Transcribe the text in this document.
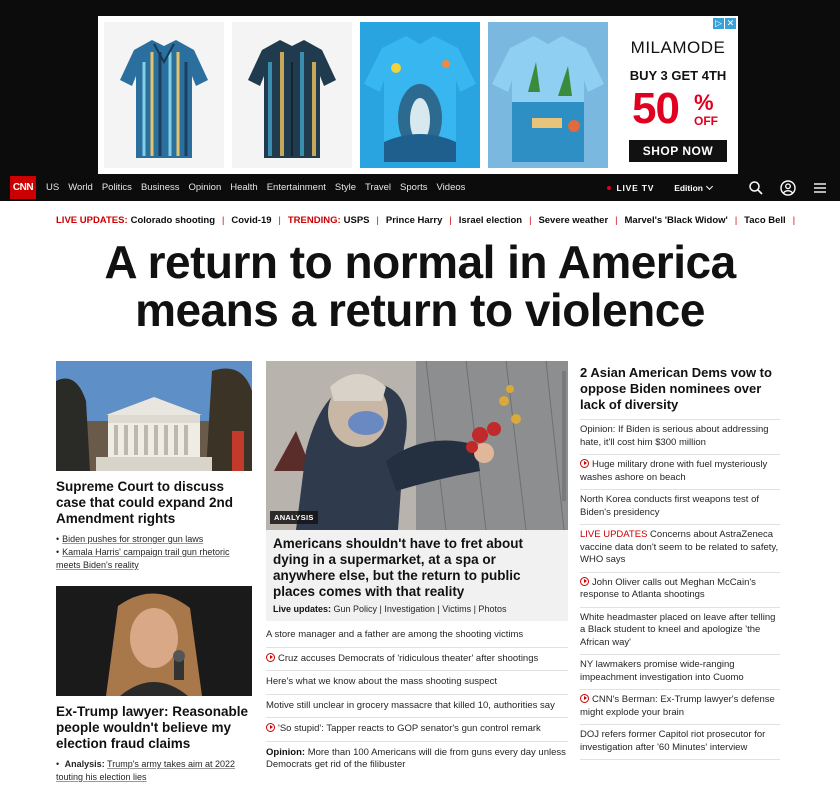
MILAMODE
BUY 3 GET 4TH
50 %
OFF
SHOP NOW
▷ ✕
CNN	US World Politics Business Opinion Health Entertainment Style Travel Sports Videos	LIVE TV Edition
LIVE UPDATES: Colorado shooting | Covid-19 | TRENDING: USPS | Prince Harry | Israel election | Severe weather | Marvel's 'Black Widow' | Taco Bell |
A return to normal in America
means a return to violence
Supreme Court to discuss case that could expand 2nd Amendment rights
• Biden pushes for stronger gun laws
• Kamala Harris' campaign trail gun rhetoric meets Biden's reality
Ex-Trump lawyer: Reasonable people wouldn't believe my election fraud claims
• Analysis: Trump's army takes aim at 2022 touting his election lies
ANALYSIS
Americans shouldn't have to fret about dying in a supermarket, at a spa or anywhere else, but the return to public places comes with that reality
Live updates: Gun Policy | Investigation | Victims | Photos
A store manager and a father are among the shooting victims
Cruz accuses Democrats of 'ridiculous theater' after shootings
Here's what we know about the mass shooting suspect
Motive still unclear in grocery massacre that killed 10, authorities say
'So stupid': Tapper reacts to GOP senator's gun control remark
Opinion: More than 100 Americans will die from guns every day unless Democrats get rid of the filibuster
2 Asian American Dems vow to oppose Biden nominees over lack of diversity
Opinion: If Biden is serious about addressing hate, it'll cost him $300 million
Huge military drone with fuel mysteriously washes ashore on beach
North Korea conducts first weapons test of Biden's presidency
LIVE UPDATES Concerns about AstraZeneca vaccine data don't seem to be related to safety, WHO says
John Oliver calls out Meghan McCain's response to Atlanta shootings
White headmaster placed on leave after telling a Black student to kneel and apologize 'the African way'
NY lawmakers promise wide-ranging impeachment investigation into Cuomo
CNN's Berman: Ex-Trump lawyer's defense might explode your brain
DOJ refers former Capitol riot prosecutor for investigation after '60 Minutes' interview
